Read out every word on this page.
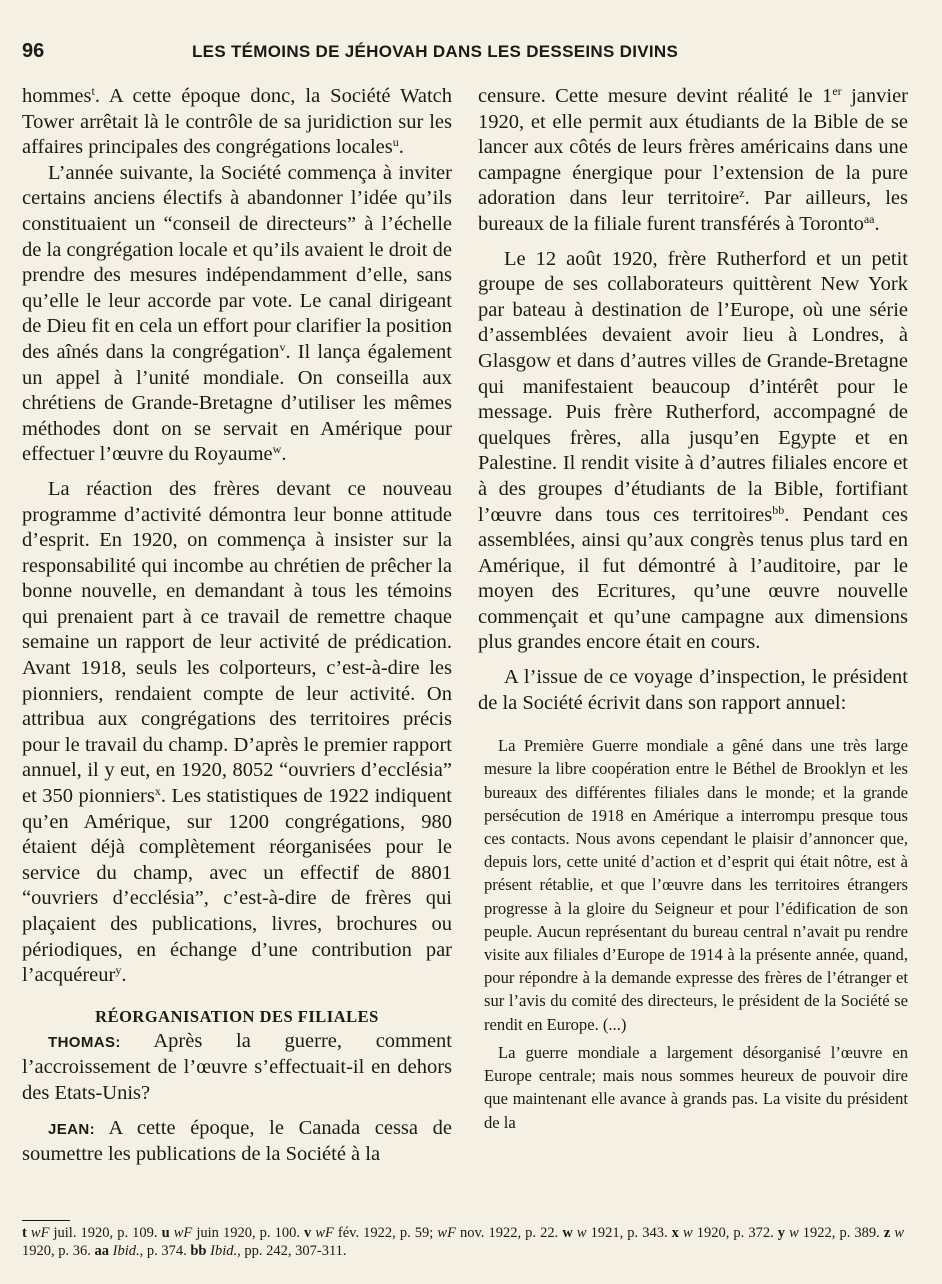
96	LES TÉMOINS DE JÉHOVAH DANS LES DESSEINS DIVINS

hommes$^t$. A cette époque donc, la Société Watch Tower arrêtait là le contrôle de sa juridiction sur les affaires principales des congrégations locales$^u$.

L’année suivante, la Société commença à inviter certains anciens électifs à abandonner l’idée qu’ils constituaient un “conseil de directeurs” à l’échelle de la congrégation locale et qu’ils avaient le droit de prendre des mesures indépendamment d’elle, sans qu’elle le leur accorde par vote. Le canal dirigeant de Dieu fit en cela un effort pour clarifier la position des aînés dans la congrégation$^v$. Il lança également un appel à l’unité mondiale. On conseilla aux chrétiens de Grande-Bretagne d’utiliser les mêmes méthodes dont on se servait en Amérique pour effectuer l’œuvre du Royaume$^w$.

La réaction des frères devant ce nouveau programme d’activité démontra leur bonne attitude d’esprit. En 1920, on commença à insister sur la responsabilité qui incombe au chrétien de prêcher la bonne nouvelle, en demandant à tous les témoins qui prenaient part à ce travail de remettre chaque semaine un rapport de leur activité de prédication. Avant 1918, seuls les colporteurs, c’est-à-dire les pionniers, rendaient compte de leur activité. On attribua aux congrégations des territoires précis pour le travail du champ. D’après le premier rapport annuel, il y eut, en 1920, 8052 “ouvriers d’ecclésia” et 350 pionniers$^x$. Les statistiques de 1922 indiquent qu’en Amérique, sur 1200 congrégations, 980 étaient déjà complètement réorganisées pour le service du champ, avec un effectif de 8801 “ouvriers d’ecclésia”, c’est-à-dire de frères qui plaçaient des publications, livres, brochures ou périodiques, en échange d’une contribution par l’acquéreur$^y$.

RÉORGANISATION DES FILIALES

THOMAS: Après la guerre, comment l’accroissement de l’œuvre s’effectuait-il en dehors des Etats-Unis?

JEAN: A cette époque, le Canada cessa de soumettre les publications de la Société à la

censure. Cette mesure devint réalité le 1er janvier 1920, et elle permit aux étudiants de la Bible de se lancer aux côtés de leurs frères américains dans une campagne énergique pour l’extension de la pure adoration dans leur territoire$^z$. Par ailleurs, les bureaux de la filiale furent transférés à Toronto$^{aa}$.

Le 12 août 1920, frère Rutherford et un petit groupe de ses collaborateurs quittèrent New York par bateau à destination de l’Europe, où une série d’assemblées devaient avoir lieu à Londres, à Glasgow et dans d’autres villes de Grande-Bretagne qui manifestaient beaucoup d’intérêt pour le message. Puis frère Rutherford, accompagné de quelques frères, alla jusqu’en Egypte et en Palestine. Il rendit visite à d’autres filiales encore et à des groupes d’étudiants de la Bible, fortifiant l’œuvre dans tous ces territoires$^{bb}$. Pendant ces assemblées, ainsi qu’aux congrès tenus plus tard en Amérique, il fut démontré à l’auditoire, par le moyen des Ecritures, qu’une œuvre nouvelle commençait et qu’une campagne aux dimensions plus grandes encore était en cours.

A l’issue de ce voyage d’inspection, le président de la Société écrivit dans son rapport annuel:

La Première Guerre mondiale a gêné dans une très large mesure la libre coopération entre le Béthel de Brooklyn et les bureaux des différentes filiales dans le monde; et la grande persécution de 1918 en Amérique a interrompu presque tous ces contacts. Nous avons cependant le plaisir d’annoncer que, depuis lors, cette unité d’action et d’esprit qui était nôtre, est à présent rétablie, et que l’œuvre dans les territoires étrangers progresse à la gloire du Seigneur et pour l’édification de son peuple. Aucun représentant du bureau central n’avait pu rendre visite aux filiales d’Europe de 1914 à la présente année, quand, pour répondre à la demande expresse des frères de l’étranger et sur l’avis du comité des directeurs, le président de la Société se rendit en Europe. (...)

La guerre mondiale a largement désorganisé l’œuvre en Europe centrale; mais nous sommes heureux de pouvoir dire que maintenant elle avance à grands pas. La visite du président de la

t wF juil. 1920, p. 109. u wF juin 1920, p. 100. v wF fév. 1922, p. 59; wF nov. 1922, p. 22. w w 1921, p. 343. x w 1920, p. 372. y w 1922, p. 389. z w 1920, p. 36. aa Ibid., p. 374. bb Ibid., pp. 242, 307-311.
